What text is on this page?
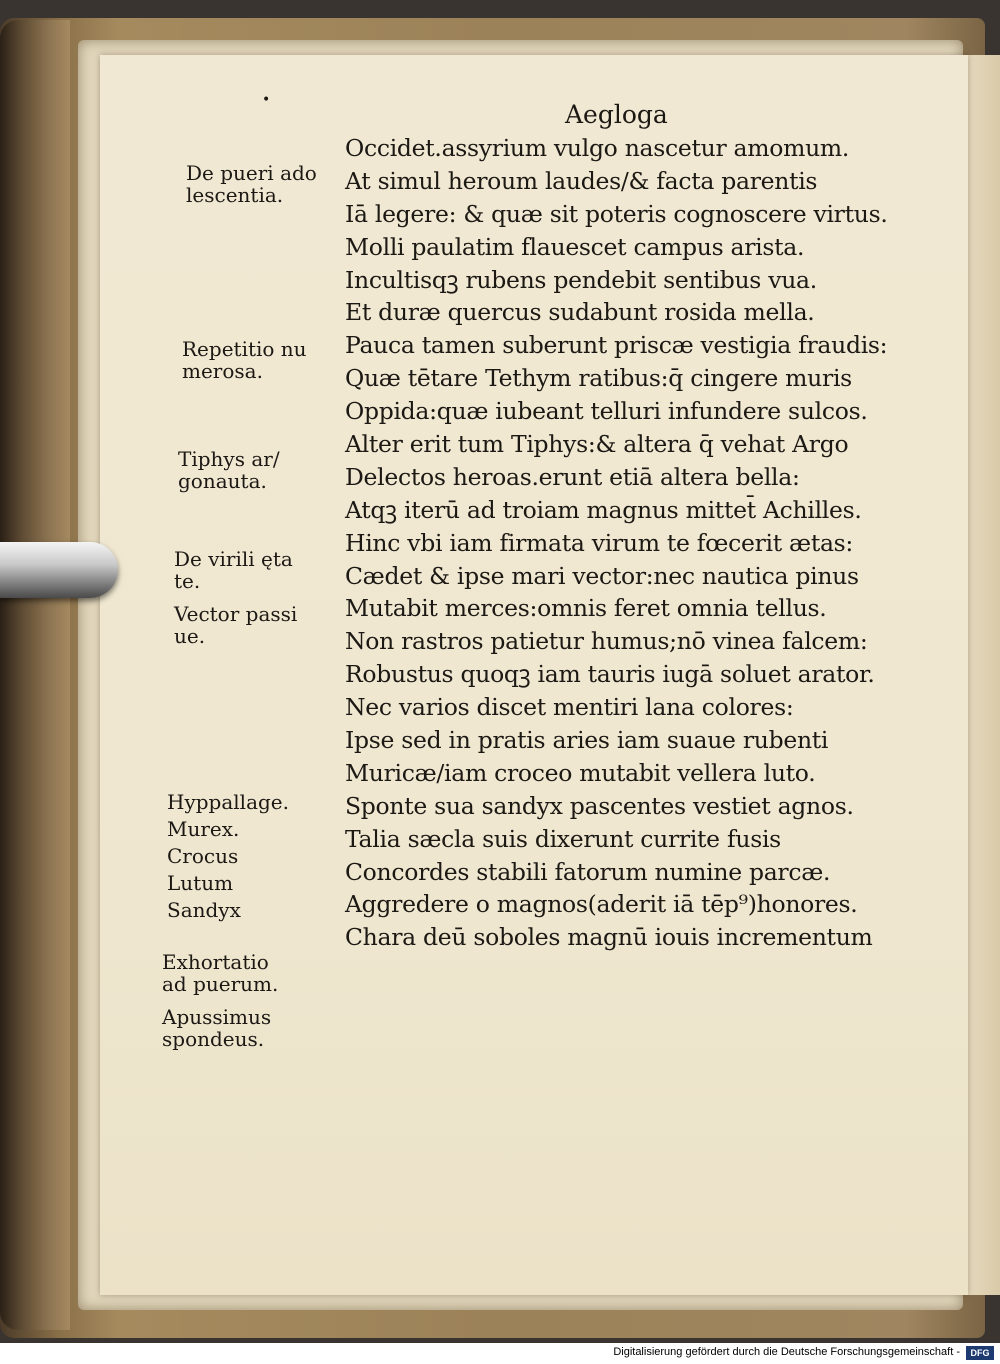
•	Aegloga
Occidet.assyrium vulgo nascetur amomum.
At simul heroum laudes/& facta parentis
Iā legere: & quæ sit poteris cognoscere virtus.
Molli paulatim flauescet campus arista.
Incultisqꝫ rubens pendebit sentibus vua.
Et duræ quercus sudabunt rosida mella.
Pauca tamen suberunt priscæ vestigia fraudis:
Quæ tētare Tethym ratibus:q̄ cingere muris
Oppida:quæ iubeant telluri infundere sulcos.
Alter erit tum Tiphys:& altera q̄ vehat Argo
Delectos heroas.erunt etiā altera bella:
Atqꝫ iterū ad troiam magnus mittet̄ Achilles.
Hinc vbi iam firmata virum te fœcerit ætas:
Cædet & ipse mari vector:nec nautica pinus
Mutabit merces:omnis feret omnia tellus.
Non rastros patietur humus;nō vinea falcem:
Robustus quoqꝫ iam tauris iugā soluet arator.
Nec varios discet mentiri lana colores:
Ipse sed in pratis aries iam suaue rubenti
Muricæ/iam croceo mutabit vellera luto.
Sponte sua sandyx pascentes vestiet agnos.
Talia sæcla suis dixerunt currite fusis
Concordes stabili fatorum numine parcæ.
Aggredere o magnos(aderit iā tēp⁹)honores.
Chara deū soboles magnū iouis incrementum
De pueri ado
lescentia.
Repetitio nu
merosa.
Tiphys ar/
gonauta.
De virili ęta
te.
Vector passi
ue.
Hyppallage.
Murex.
Crocus
Lutum
Sandyx
Exhortatio
ad puerum.
Apussimus
spondeus.
Digitalisierung gefördert durch die Deutsche Forschungsgemeinschaft -	DFG
